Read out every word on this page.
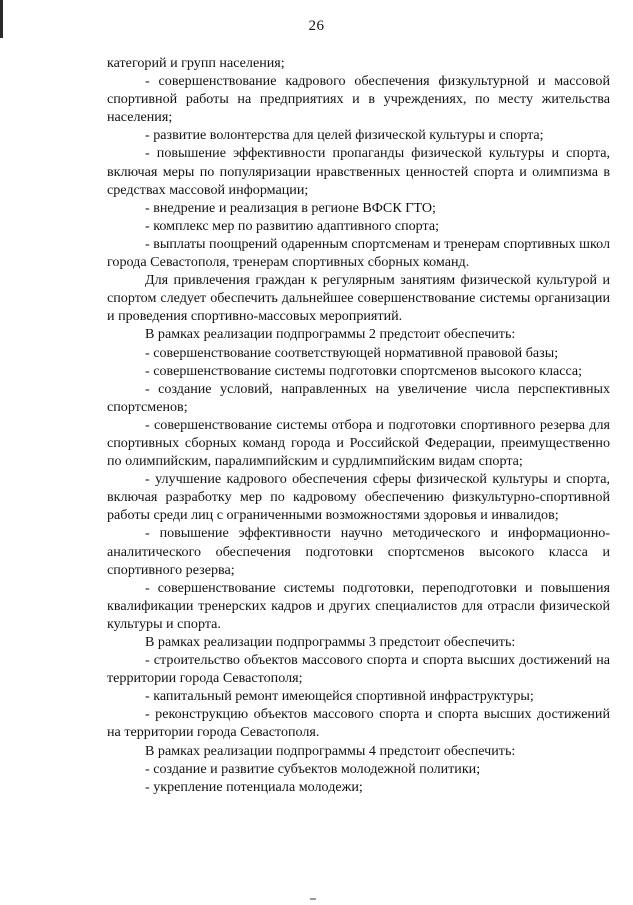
26

категорий и групп населения;

- совершенствование кадрового обеспечения физкультурной и массовой спортивной работы на предприятиях и в учреждениях, по месту жительства населения;

- развитие волонтерства для целей физической культуры и спорта;

- повышение эффективности пропаганды физической культуры и спорта, включая меры по популяризации нравственных ценностей спорта и олимпизма в средствах массовой информации;

- внедрение и реализация в регионе ВФСК ГТО;

- комплекс мер по развитию адаптивного спорта;

- выплаты поощрений одаренным спортсменам и тренерам спортивных школ города Севастополя, тренерам спортивных сборных команд.

Для привлечения граждан к регулярным занятиям физической культурой и спортом следует обеспечить дальнейшее совершенствование системы организации и проведения спортивно-массовых мероприятий.

В рамках реализации подпрограммы 2 предстоит обеспечить:

- совершенствование соответствующей нормативной правовой базы;

- совершенствование системы подготовки спортсменов высокого класса;

- создание условий, направленных на увеличение числа перспективных спортсменов;

- совершенствование системы отбора и подготовки спортивного резерва для спортивных сборных команд города и Российской Федерации, преимущественно по олимпийским, паралимпийским и сурдлимпийским видам спорта;

- улучшение кадрового обеспечения сферы физической культуры и спорта, включая разработку мер по кадровому обеспечению физкультурно-спортивной работы среди лиц с ограниченными возможностями здоровья и инвалидов;

- повышение эффективности научно методического и информационно-аналитического обеспечения подготовки спортсменов высокого класса и спортивного резерва;

- совершенствование системы подготовки, переподготовки и повышения квалификации тренерских кадров и других специалистов для отрасли физической культуры и спорта.

В рамках реализации подпрограммы 3 предстоит обеспечить:

- строительство объектов массового спорта и спорта высших достижений на территории города Севастополя;

- капитальный ремонт имеющейся спортивной инфраструктуры;

- реконструкцию объектов массового спорта и спорта высших достижений на территории города Севастополя.

В рамках реализации подпрограммы 4 предстоит обеспечить:

- создание и развитие субъектов молодежной политики;

- укрепление потенциала молодежи;
